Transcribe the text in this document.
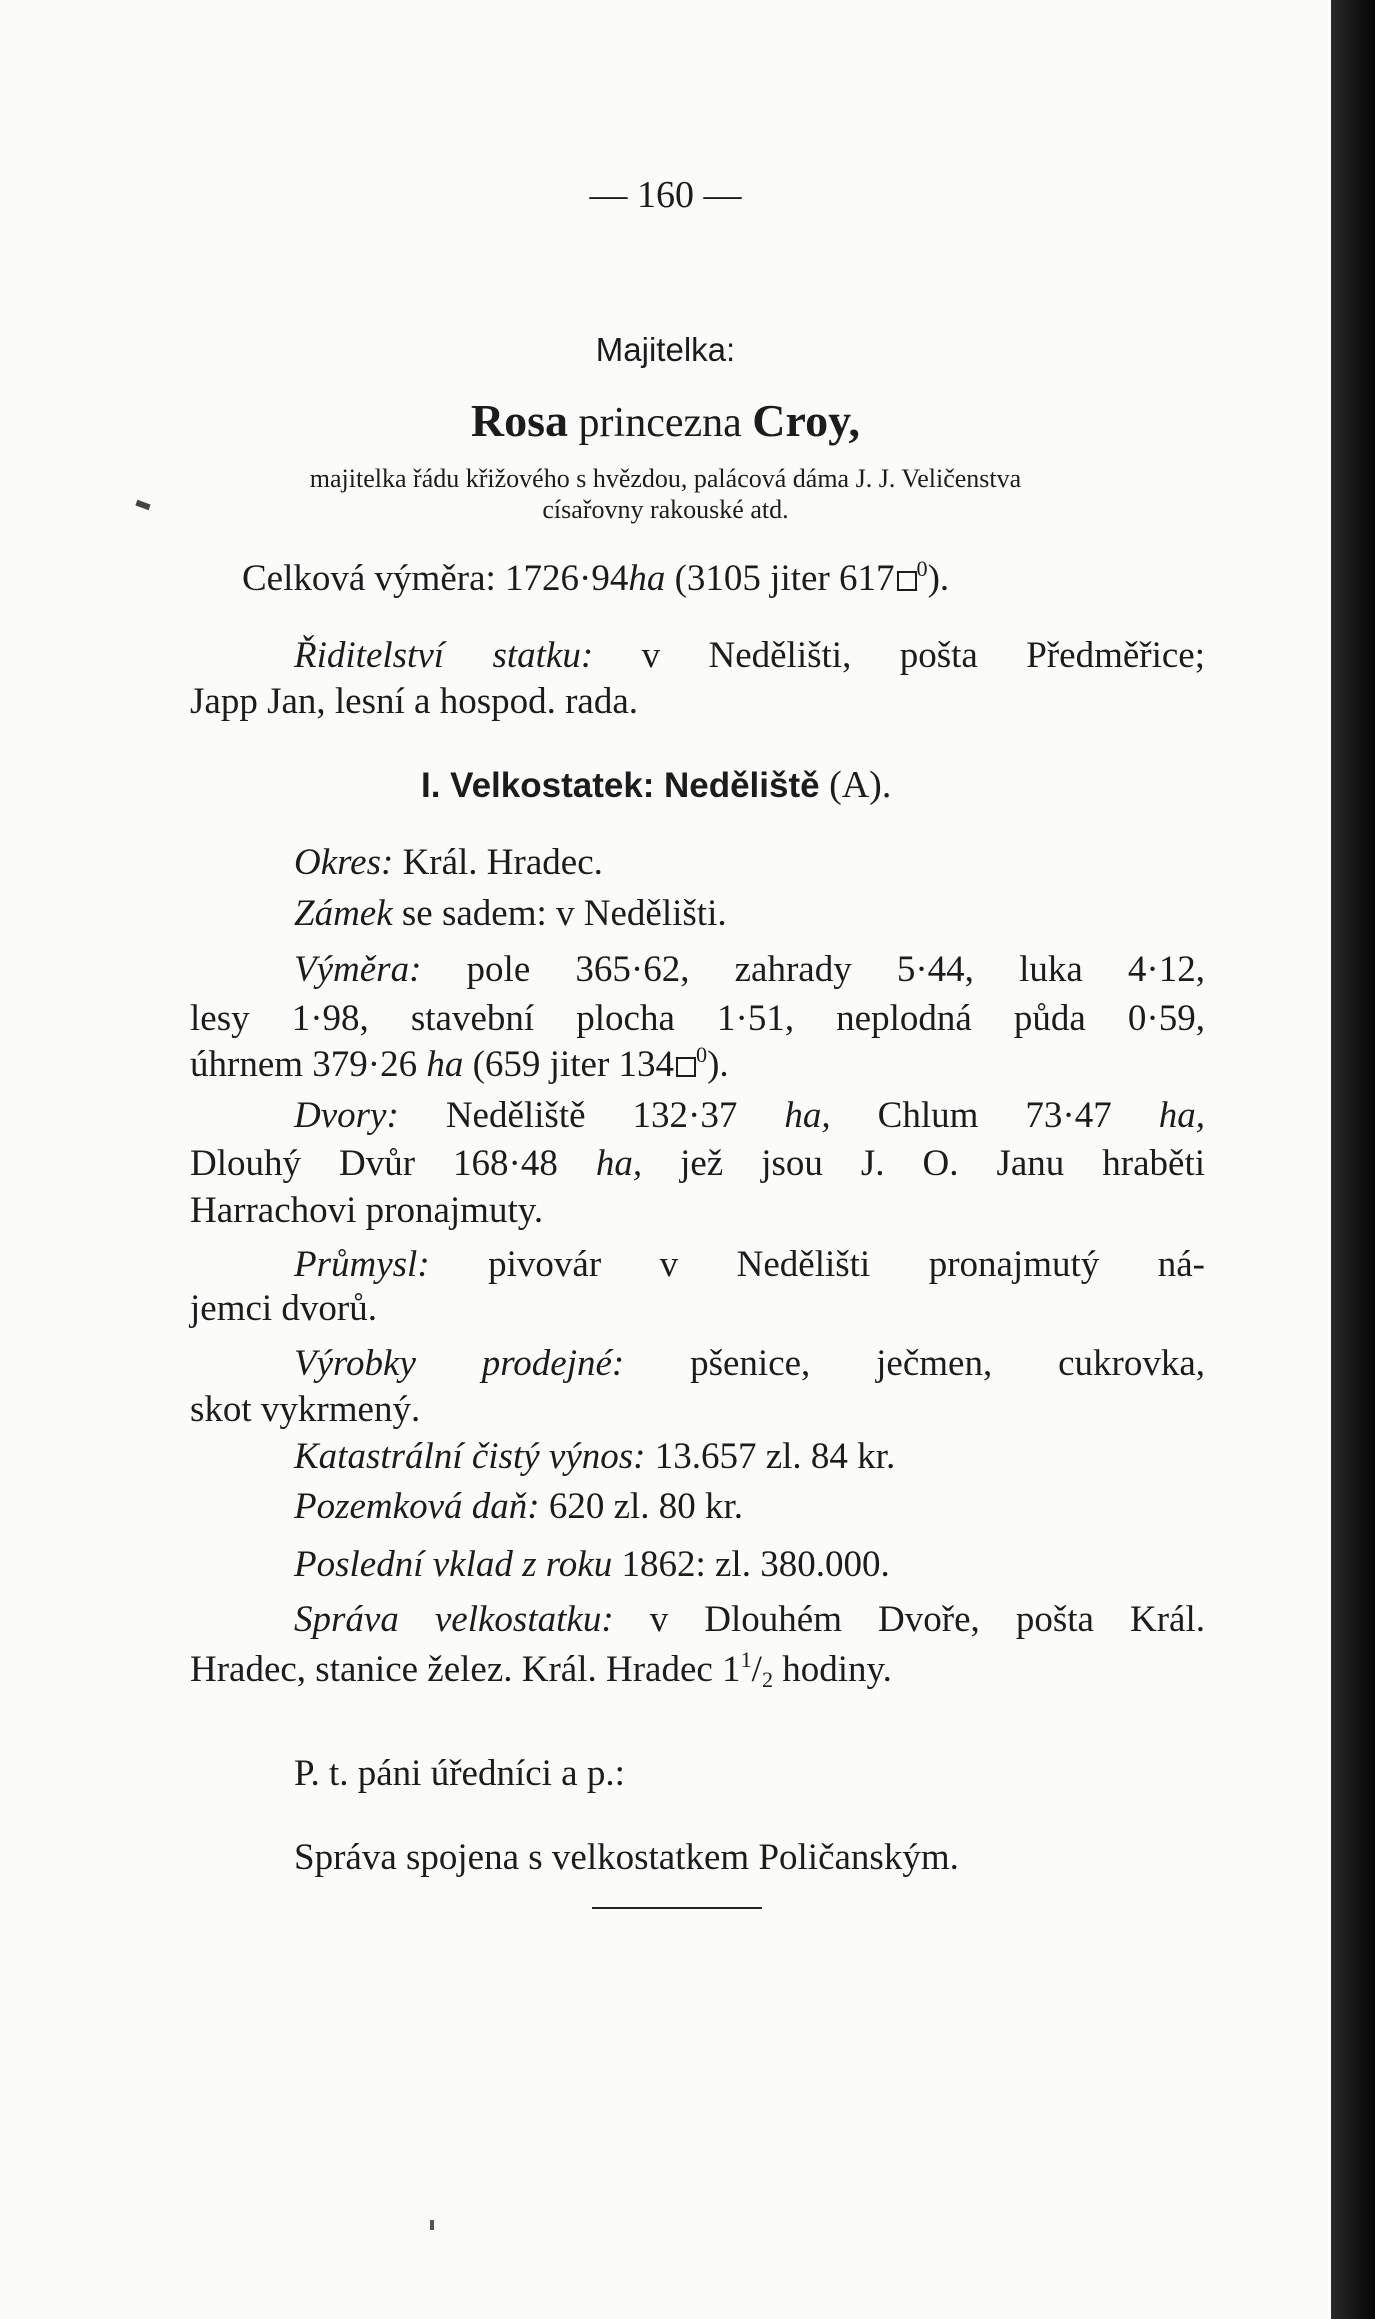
— 160 —
Majitelka:
Rosa princezna Croy,
majitelka řádu křižového s hvězdou, palácová dáma J. J. Veličenstva
císařovny rakouské atd.
Celková výměra: 1726·94ha (3105 jiter 617 $^0$).
Řiditelství statku: v Nedělišti, pošta Předměřice;
Japp Jan, lesní a hospod. rada.
I. Velkostatek: Neděliště (A).
Okres: Král. Hradec.
Zámek se sadem: v Nedělišti.
Výměra: pole 365·62, zahrady 5·44, luka 4·12,
lesy 1·98, stavební plocha 1·51, neplodná půda 0·59,
úhrnem 379·26 ha (659 jiter 134 $^0$).
Dvory: Neděliště 132·37 ha, Chlum 73·47 ha,
Dlouhý Dvůr 168·48 ha, jež jsou J. O. Janu hraběti
Harrachovi pronajmuty.
Průmysl: pivovár v Nedělišti pronajmutý ná-
jemci dvorů.
Výrobky prodejné: pšenice, ječmen, cukrovka,
skot vykrmený.
Katastrální čistý výnos: 13.657 zl. 84 kr.
Pozemková daň: 620 zl. 80 kr.
Poslední vklad z roku 1862: zl. 380.000.
Správa velkostatku: v Dlouhém Dvoře, pošta Král.
Hradec, stanice želez. Král. Hradec $1^1/_2$ hodiny.
P. t. páni úředníci a p.:
Správa spojena s velkostatkem Poličanským.
